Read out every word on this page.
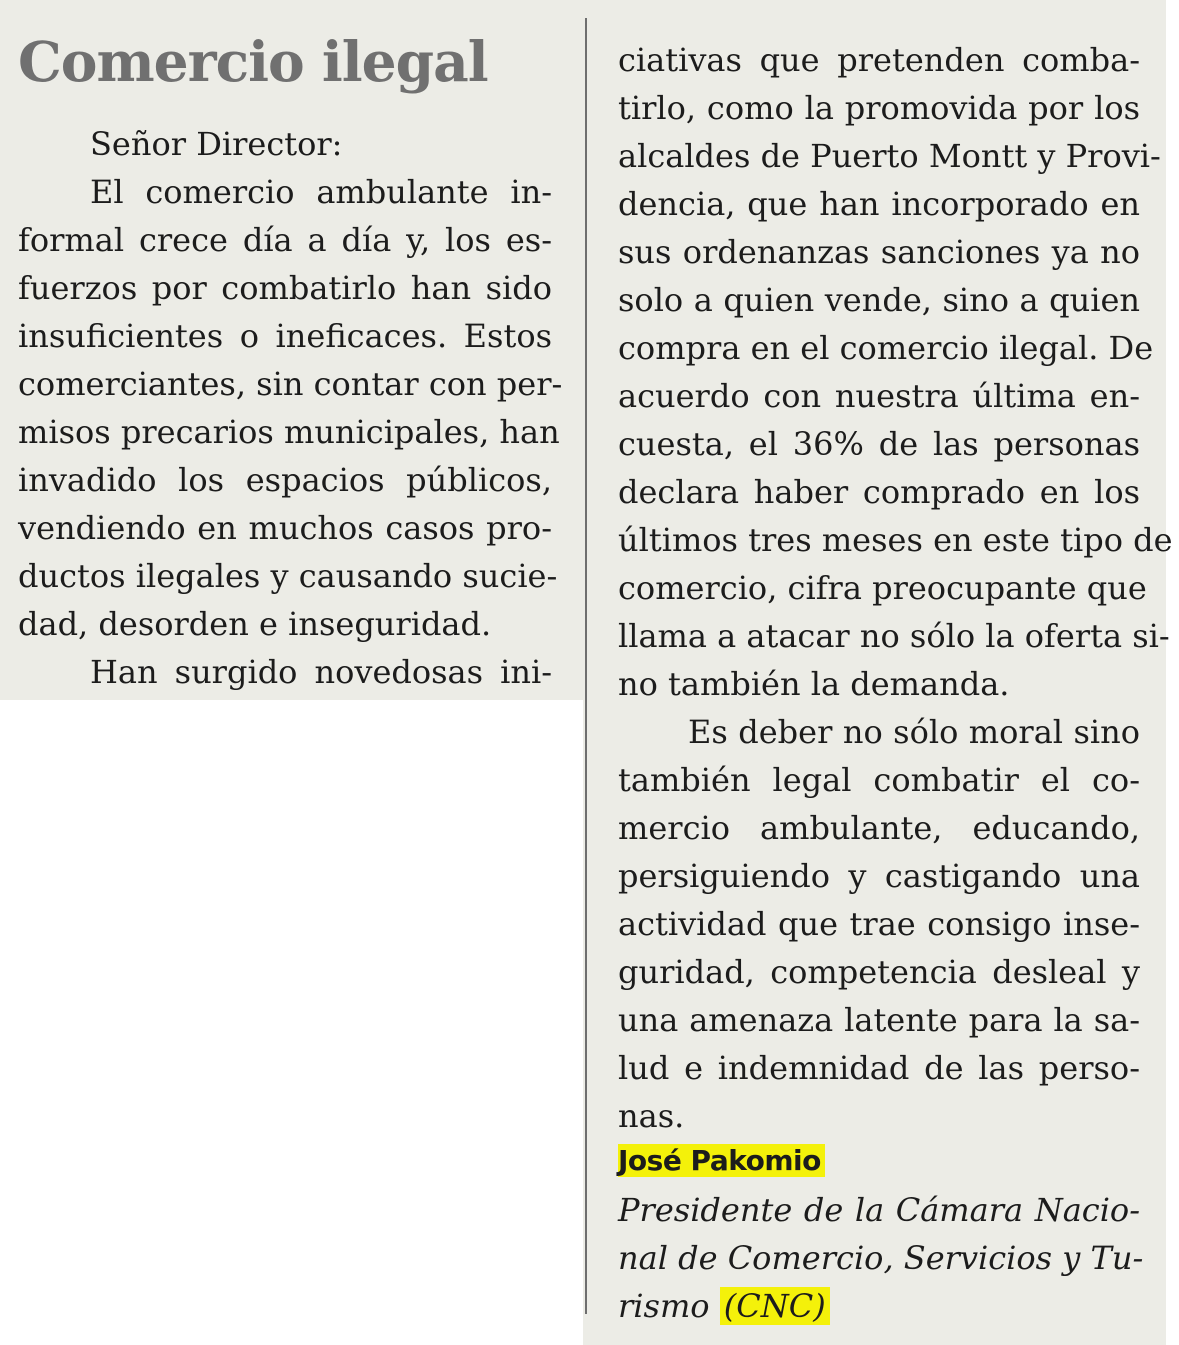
Comercio ilegal

Señor Director:

El comercio ambulante in-

formal crece día a día y, los es-

fuerzos por combatirlo han sido

insuficientes o ineficaces. Estos

comerciantes, sin contar con per-

misos precarios municipales, han

invadido los espacios públicos,

vendiendo en muchos casos pro-

ductos ilegales y causando sucie-

dad, desorden e inseguridad.

Han surgido novedosas ini-

ciativas que pretenden comba-

tirlo, como la promovida por los

alcaldes de Puerto Montt y Provi-

dencia, que han incorporado en

sus ordenanzas sanciones ya no

solo a quien vende, sino a quien

compra en el comercio ilegal. De

acuerdo con nuestra última en-

cuesta, el 36% de las personas

declara haber comprado en los

últimos tres meses en este tipo de

comercio, cifra preocupante que

llama a atacar no sólo la oferta si-

no también la demanda.

Es deber no sólo moral sino

también legal combatir el co-

mercio ambulante, educando,

persiguiendo y castigando una

actividad que trae consigo inse-

guridad, competencia desleal y

una amenaza latente para la sa-

lud e indemnidad de las perso-

nas.

José Pakomio

Presidente de la Cámara Nacio-

nal de Comercio, Servicios y Tu-

rismo (CNC)
